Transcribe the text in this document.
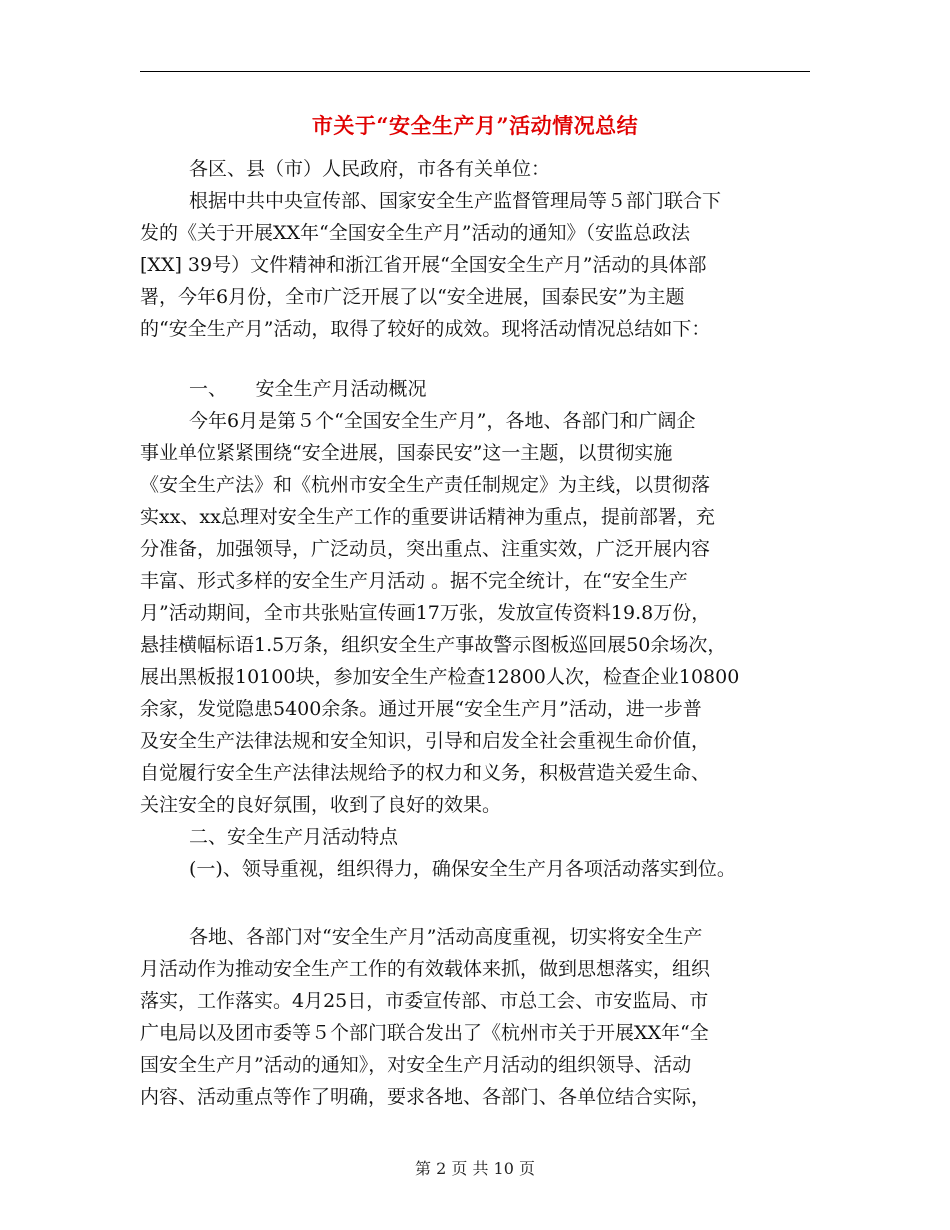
市关于“安全生产月”活动情况总结
各区、县（市）人民政府，市各有关单位：
根据中共中央宣传部、国家安全生产监督管理局等５部门联合下
发的《关于开展XX年“全国安全生产月”活动的通知》（安监总政法
[XX] 39号）文件精神和浙江省开展“全国安全生产月”活动的具体部
署，今年6月份，全市广泛开展了以“安全进展，国泰民安”为主题
的“安全生产月”活动，取得了较好的成效。现将活动情况总结如下：
一、　　安全生产月活动概况
今年6月是第５个“全国安全生产月”，各地、各部门和广阔企
事业单位紧紧围绕“安全进展，国泰民安”这一主题，以贯彻实施
《安全生产法》和《杭州市安全生产责任制规定》为主线，以贯彻落
实xx、xx总理对安全生产工作的重要讲话精神为重点，提前部署，充
分准备，加强领导，广泛动员，突出重点、注重实效，广泛开展内容
丰富、形式多样的安全生产月活动 。据不完全统计，在“安全生产
月”活动期间，全市共张贴宣传画17万张，发放宣传资料19.8万份，
悬挂横幅标语1.5万条，组织安全生产事故警示图板巡回展50余场次，
展出黑板报10100块，参加安全生产检查12800人次，检查企业10800
余家，发觉隐患5400余条。通过开展“安全生产月”活动，进一步普
及安全生产法律法规和安全知识，引导和启发全社会重视生命价值，
自觉履行安全生产法律法规给予的权力和义务，积极营造关爱生命、
关注安全的良好氛围，收到了良好的效果。
二、安全生产月活动特点
(一)、领导重视，组织得力，确保安全生产月各项活动落实到位。
各地、各部门对“安全生产月”活动高度重视，切实将安全生产
月活动作为推动安全生产工作的有效载体来抓，做到思想落实，组织
落实，工作落实。4月25日，市委宣传部、市总工会、市安监局、市
广电局以及团市委等５个部门联合发出了《杭州市关于开展XX年“全
国安全生产月”活动的通知》，对安全生产月活动的组织领导、活动
内容、活动重点等作了明确，要求各地、各部门、各单位结合实际，
第 2 页 共 10 页
